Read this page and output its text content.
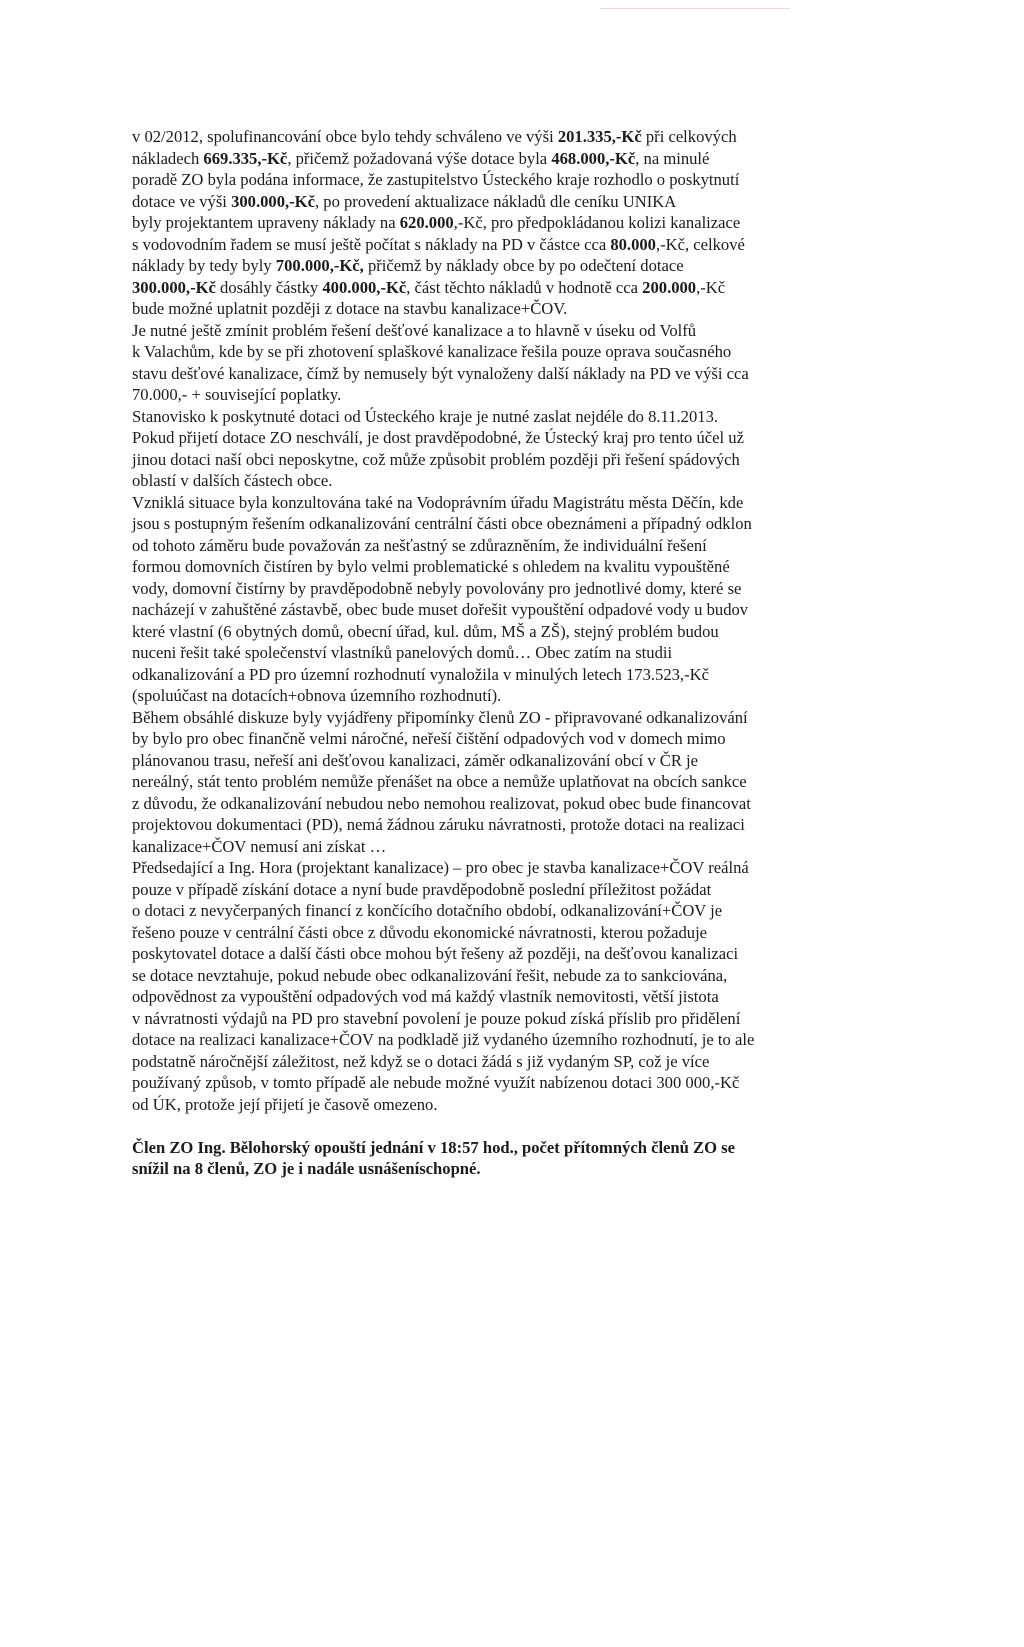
v 02/2012, spolufinancování obce bylo tehdy schváleno ve výši 201.335,-Kč při celkových
nákladech 669.335,-Kč, přičemž požadovaná výše dotace byla 468.000,-Kč, na minulé
poradě ZO byla podána informace, že zastupitelstvo Ústeckého kraje rozhodlo o poskytnutí
dotace ve výši 300.000,-Kč, po provedení aktualizace nákladů dle ceníku UNIKA
byly projektantem upraveny náklady na 620.000,-Kč, pro předpokládanou kolizi kanalizace
s vodovodním řadem se musí ještě počítat s náklady na PD v částce cca 80.000,-Kč, celkové
náklady by tedy byly 700.000,-Kč, přičemž by náklady obce by po odečtení dotace
300.000,-Kč dosáhly částky 400.000,-Kč, část těchto nákladů v hodnotě cca 200.000,-Kč
bude možné uplatnit později z dotace na stavbu kanalizace+ČOV.
Je nutné ještě zmínit problém řešení dešťové kanalizace a to hlavně v úseku od Volfů
k Valachům, kde by se při zhotovení splaškové kanalizace řešila pouze oprava současného
stavu dešťové kanalizace, čímž by nemusely být vynaloženy další náklady na PD ve výši cca
70.000,- + související poplatky.
Stanovisko k poskytnuté dotaci od Ústeckého kraje je nutné zaslat nejdéle do 8.11.2013.
Pokud přijetí dotace ZO neschválí, je dost pravděpodobné, že Ústecký kraj pro tento účel už
jinou dotaci naší obci neposkytne, což může způsobit problém později při řešení spádových
oblastí v dalších částech obce.
Vzniklá situace byla konzultována také na Vodoprávním úřadu Magistrátu města Děčín, kde
jsou s postupným řešením odkanalizování centrální části obce obeznámeni a případný odklon
od tohoto záměru bude považován za nešťastný se zdůrazněním, že individuální řešení
formou domovních čistíren by bylo velmi problematické s ohledem na kvalitu vypouštěné
vody, domovní čistírny by pravděpodobně nebyly povolovány pro jednotlivé domy, které se
nacházejí v zahuštěné zástavbě, obec bude muset dořešit vypouštění odpadové vody u budov
které vlastní (6 obytných domů, obecní úřad, kul. dům, MŠ a ZŠ), stejný problém budou
nuceni řešit také společenství vlastníků panelových domů… Obec zatím na studii
odkanalizování a PD pro územní rozhodnutí vynaložila v minulých letech 173.523,-Kč
(spoluúčast na dotacích+obnova územního rozhodnutí).
Během obsáhlé diskuze byly vyjádřeny připomínky členů ZO - připravované odkanalizování
by bylo pro obec finančně velmi náročné, neřeší čištění odpadových vod v domech mimo
plánovanou trasu, neřeší ani dešťovou kanalizaci, záměr odkanalizování obcí v ČR je
nereálný, stát tento problém nemůže přenášet na obce a nemůže uplatňovat na obcích sankce
z důvodu, že odkanalizování nebudou nebo nemohou realizovat, pokud obec bude financovat
projektovou dokumentaci (PD), nemá žádnou záruku návratnosti, protože dotaci na realizaci
kanalizace+ČOV nemusí ani získat …
Předsedající a Ing. Hora (projektant kanalizace) – pro obec je stavba kanalizace+ČOV reálná
pouze v případě získání dotace a nyní bude pravděpodobně poslední příležitost požádat
o dotaci z nevyčerpaných financí z končícího dotačního období, odkanalizování+ČOV je
řešeno pouze v centrální části obce z důvodu ekonomické návratnosti, kterou požaduje
poskytovatel dotace a další části obce mohou být řešeny až později, na dešťovou kanalizaci
se dotace nevztahuje, pokud nebude obec odkanalizování řešit, nebude za to sankciována,
odpovědnost za vypouštění odpadových vod má každý vlastník nemovitosti, větší jistota
v návratnosti výdajů na PD pro stavební povolení je pouze pokud získá příslib pro přidělení
dotace na realizaci kanalizace+ČOV na podkladě již vydaného územního rozhodnutí, je to ale
podstatně náročnější záležitost, než když se o dotaci žádá s již vydaným SP, což je více
používaný způsob, v tomto případě ale nebude možné využít nabízenou dotaci 300 000,-Kč
od ÚK, protože její přijetí je časově omezeno.
Člen ZO Ing. Bělohorský opouští jednání v 18:57 hod., počet přítomných členů ZO se
snížil na 8 členů, ZO je i nadále usnášeníschopné.
